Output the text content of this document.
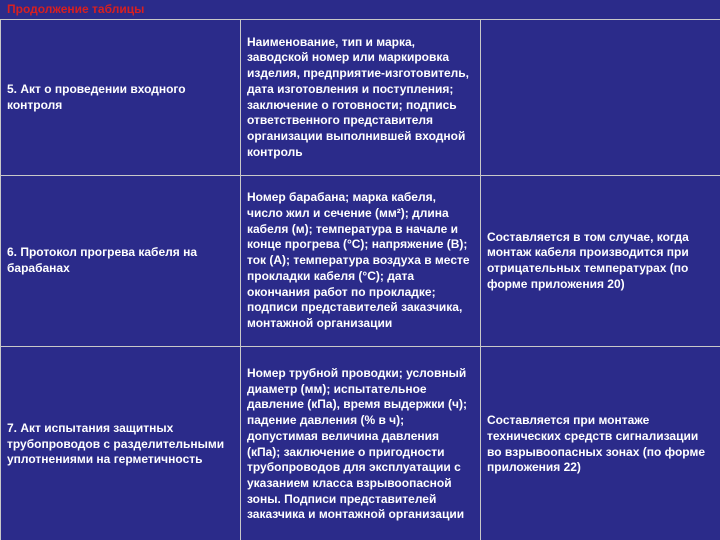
Продолжение таблицы
5. Акт о проведении входного контроля	Наименование, тип и марка, заводской номер или маркировка изделия, предприятие-изготовитель, дата изготовления и поступления; заключение о готовности; подпись ответственного представителя организации выполнившей входной контроль	
6. Протокол прогрева кабеля на барабанах	Номер барабана; марка кабеля, число жил и сечение (мм²); длина кабеля (м); температура в начале и конце прогрева (°С); напряжение (В); ток (А); температура воздуха в месте прокладки кабеля (°С); дата окончания работ по прокладке; подписи представителей заказчика, монтажной организации	Составляется в том случае, когда монтаж кабеля производится при отрицательных температурах (по форме приложения 20)
7. Акт испытания защитных трубопроводов с разделительными уплотнениями на герметичность	Номер трубной проводки; условный диаметр (мм); испытательное давление (кПа), время выдержки (ч); падение давления (% в ч); допустимая величина давления (кПа); заключение о пригодности трубопроводов для эксплуатации с указанием класса взрывоопасной зоны. Подписи представителей заказчика и монтажной организации	Составляется при монтаже технических средств сигнализации во взрывоопасных зонах (по форме приложения 22)
